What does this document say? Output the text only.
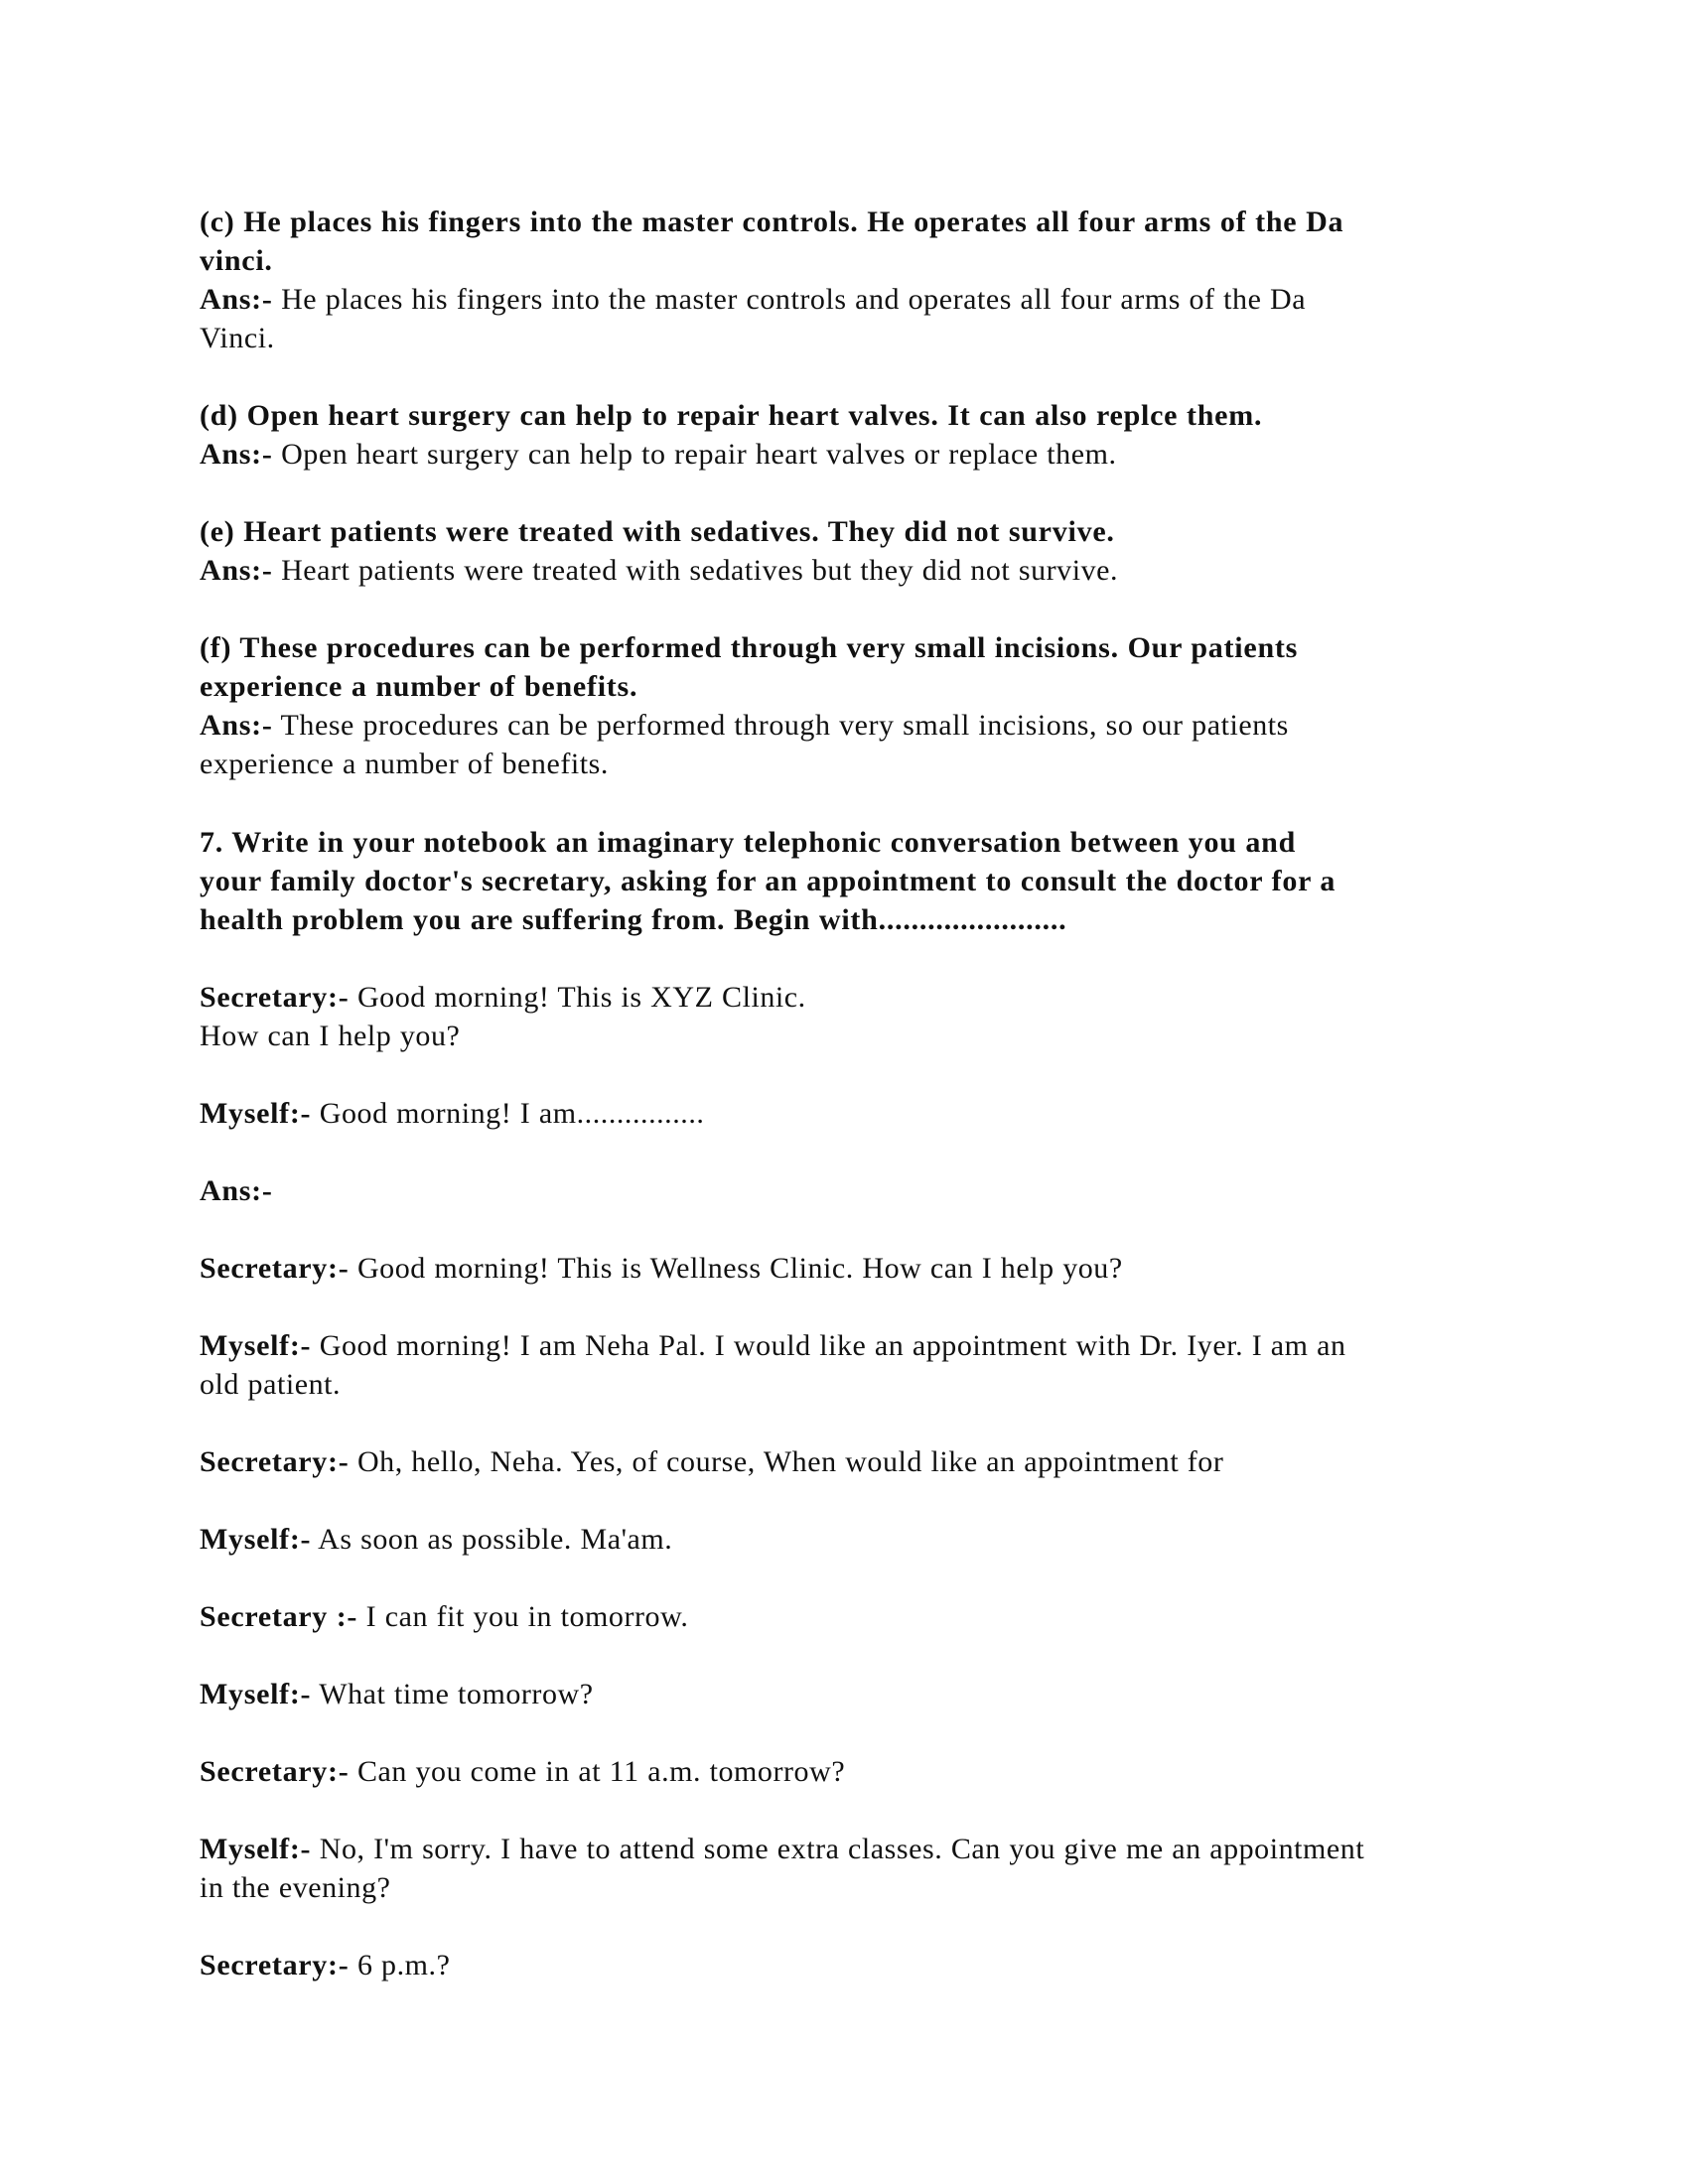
(c) He places his fingers into the master controls. He operates all four arms of the Da
vinci.
Ans:- He places his fingers into the master controls and operates all four arms of the Da
Vinci.
(d) Open heart surgery can help to repair heart valves. It can also replce them.
Ans:- Open heart surgery can help to repair heart valves or replace them.
(e) Heart patients were treated with sedatives. They did not survive.
Ans:- Heart patients were treated with sedatives but they did not survive.
(f) These procedures can be performed through very small incisions. Our patients
experience a number of benefits.
Ans:- These procedures can be performed through very small incisions, so our patients
experience a number of benefits.
7. Write in your notebook an imaginary telephonic conversation between you and
your family doctor's secretary, asking for an appointment to consult the doctor for a
health problem you are suffering from. Begin with.......................
Secretary:- Good morning! This is XYZ Clinic.
How can I help you?
Myself:- Good morning! I am................
Ans:-
Secretary:- Good morning! This is Wellness Clinic. How can I help you?
Myself:- Good morning! I am Neha Pal. I would like an appointment with Dr. Iyer. I am an
old patient.
Secretary:- Oh, hello, Neha. Yes, of course, When would like an appointment for
Myself:- As soon as possible. Ma'am.
Secretary :- I can fit you in tomorrow.
Myself:- What time tomorrow?
Secretary:- Can you come in at 11 a.m. tomorrow?
Myself:- No, I'm sorry. I have to attend some extra classes. Can you give me an appointment
in the evening?
Secretary:- 6 p.m.?
